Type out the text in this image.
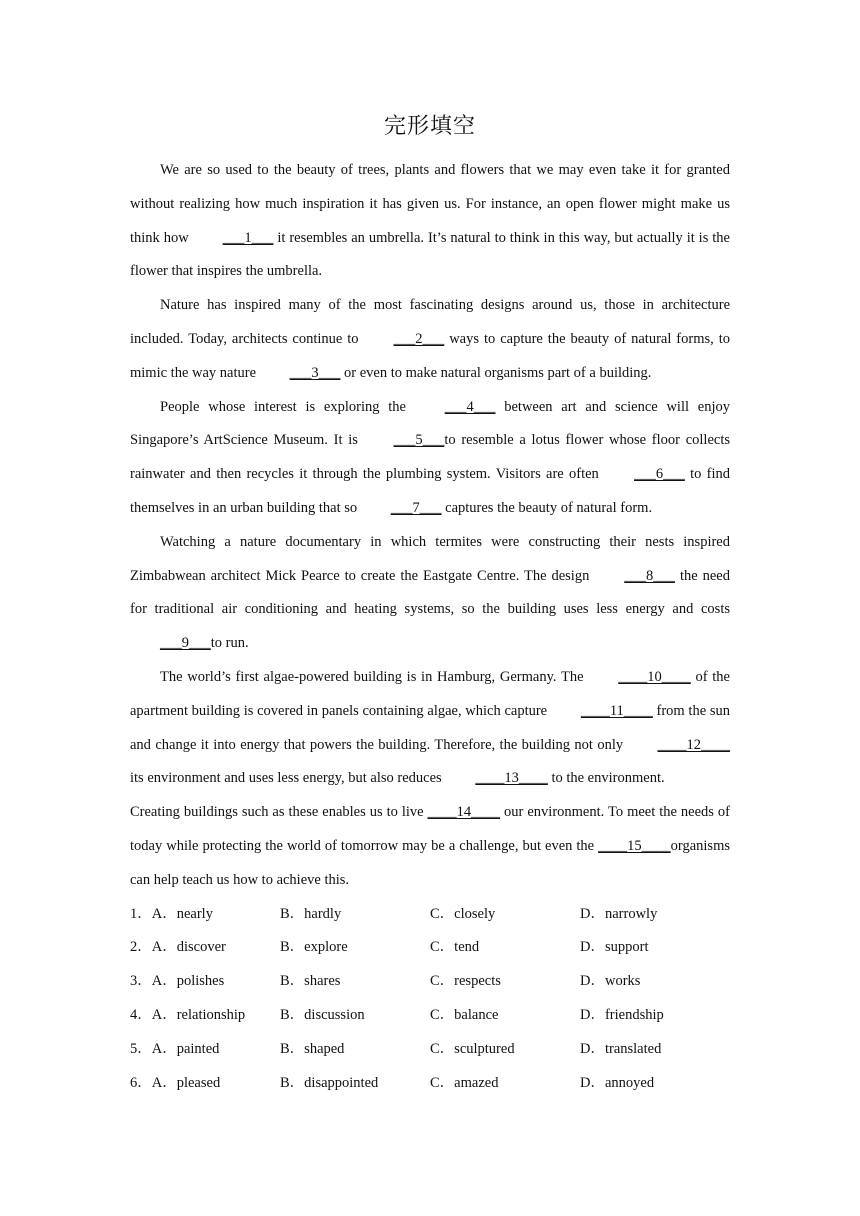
完形填空

We are so used to the beauty of trees, plants and flowers that we may even take it for granted without realizing how much inspiration it has given us. For instance, an open flower might make us think how ___1___ it resembles an umbrella. It’s natural to think in this way, but actually it is the flower that inspires the umbrella.

Nature has inspired many of the most fascinating designs around us, those in architecture included. Today, architects continue to ___2___ ways to capture the beauty of natural forms, to mimic the way nature ___3___ or even to make natural organisms part of a building.

People whose interest is exploring the ___4___ between art and science will enjoy Singapore’s ArtScience Museum. It is ___5___to resemble a lotus flower whose floor collects rainwater and then recycles it through the plumbing system. Visitors are often ___6___ to find themselves in an urban building that so ___7___ captures the beauty of natural form.

Watching a nature documentary in which termites were constructing their nests inspired Zimbabwean architect Mick Pearce to create the Eastgate Centre. The design ___8___ the need for traditional air conditioning and heating systems, so the building uses less energy and costs ___9___to run.

The world’s first algae-powered building is in Hamburg, Germany. The ____10____ of the apartment building is covered in panels containing algae, which capture ____11____ from the sun and change it into energy that powers the building. Therefore, the building not only ____12____ its environment and uses less energy, but also reduces ____13____ to the environment.

Creating buildings such as these enables us to live ____14____ our environment. To meet the needs of today while protecting the world of tomorrow may be a challenge, but even the ____15____organisms can help teach us how to achieve this.

1．A．nearly	B．hardly	C．closely	D．narrowly
2．A．discover	B．explore	C．tend	D．support
3．A．polishes	B．shares	C．respects	D．works
4．A．relationship	B．discussion	C．balance	D．friendship
5．A．painted	B．shaped	C．sculptured	D．translated
6．A．pleased	B．disappointed	C．amazed	D．annoyed
